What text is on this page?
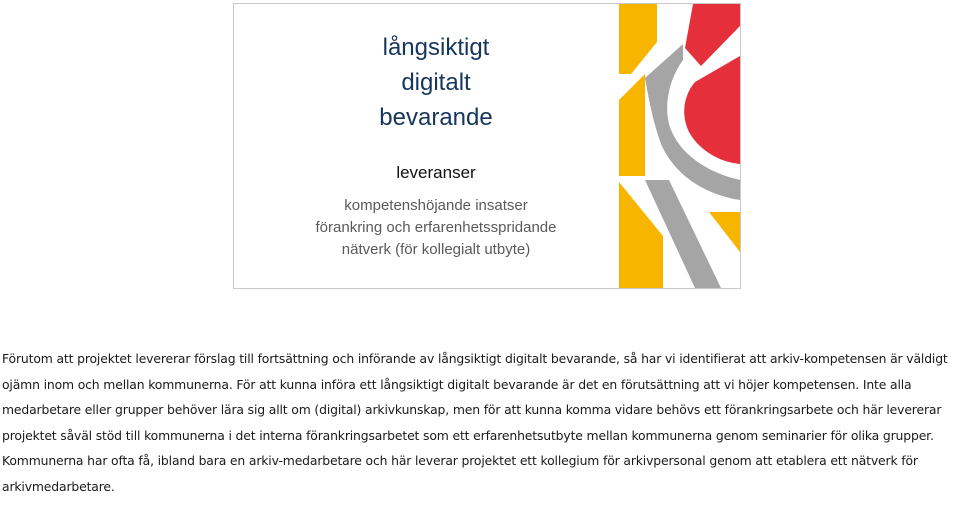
långsiktigt
digitalt
bevarande
leveranser
kompetenshöjande insatser
förankring och erfarenhetsspridande
nätverk (för kollegialt utbyte)

Förutom att projektet levererar förslag till fortsättning och införande av långsiktigt digitalt bevarande, så har vi identifierat att arkiv-kompetensen är väldigt ojämn inom och mellan kommunerna. För att kunna införa ett långsiktigt digitalt bevarande är det en förutsättning att vi höjer kompetensen. Inte alla medarbetare eller grupper behöver lära sig allt om (digital) arkivkunskap, men för att kunna komma vidare behövs ett förankringsarbete och här levererar projektet såväl stöd till kommunerna i det interna förankringsarbetet som ett erfarenhetsutbyte mellan kommunerna genom seminarier för olika grupper.

Kommunerna har ofta få, ibland bara en arkiv-medarbetare och här leverar projektet ett kollegium för arkivpersonal genom att etablera ett nätverk för arkivmedarbetare.
